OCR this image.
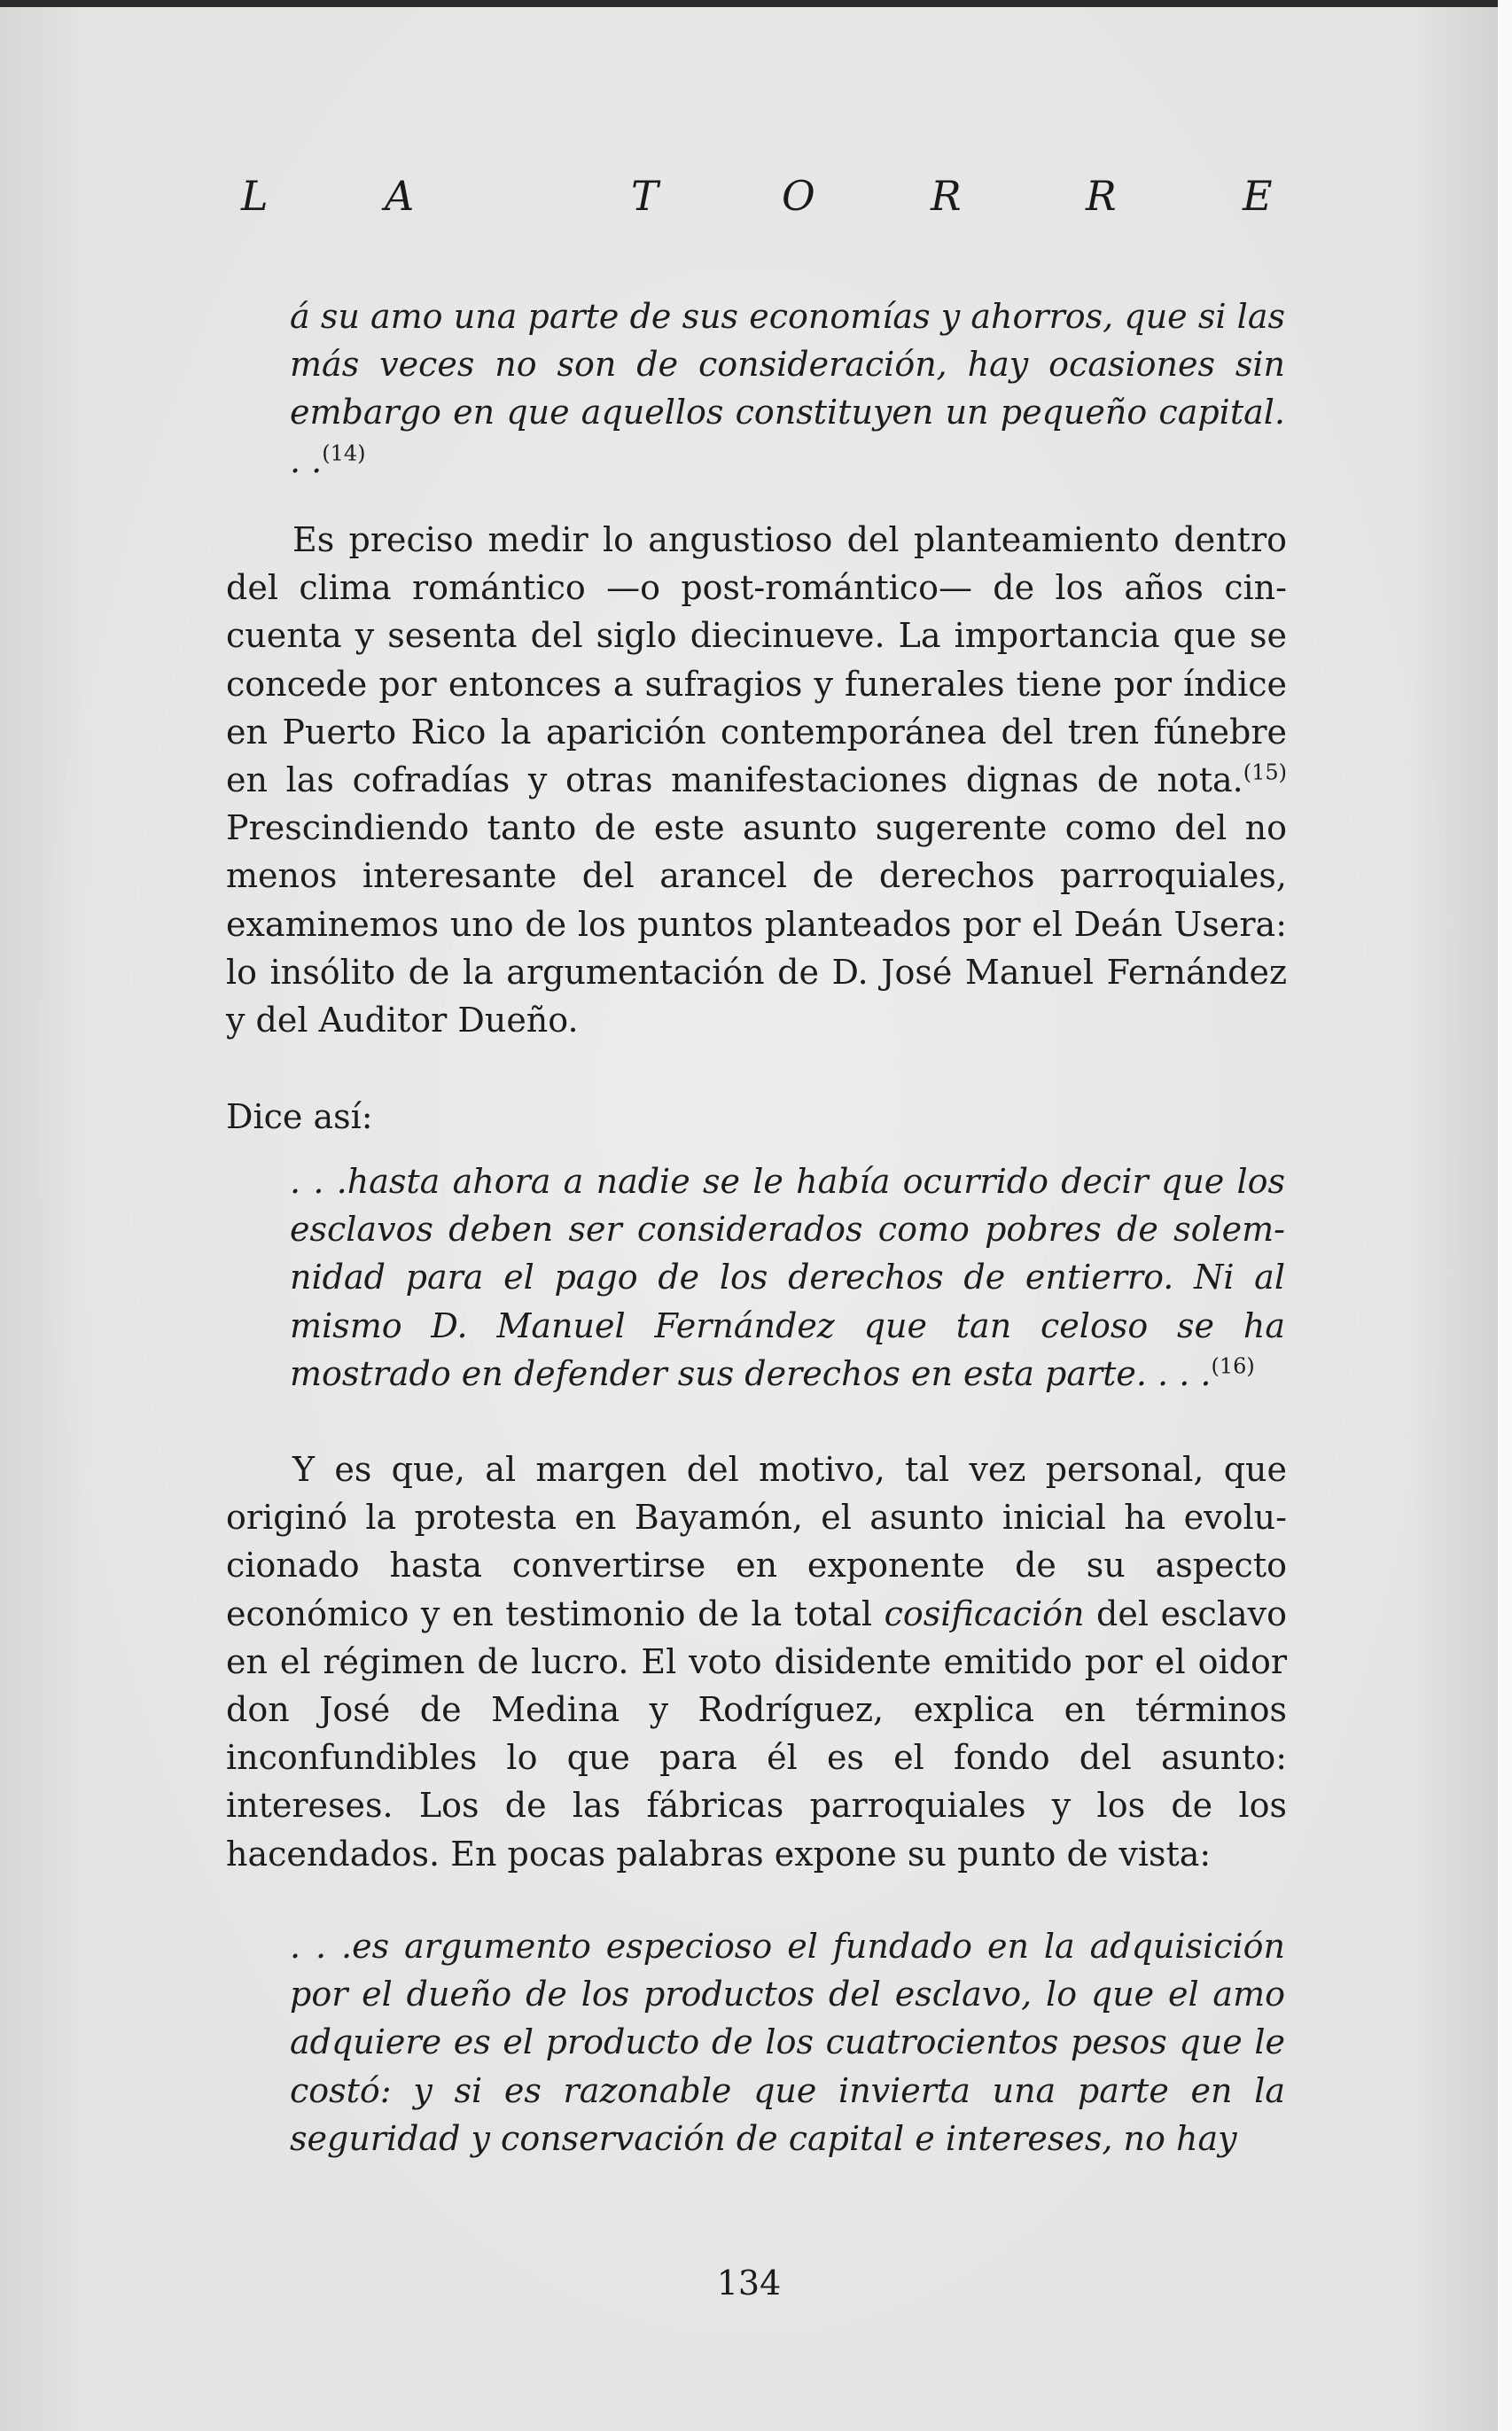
L	A	T	O	R	R	E
á su amo una parte de sus economías y ahorros, que si las más veces no son de consideración, hay ocasiones sin embargo en que aquellos constituyen un pequeño capital. . .$^{(14)}$
Es preciso medir lo angustioso del planteamiento dentro del clima romántico —o post-romántico— de los años cincuenta y sesenta del siglo diecinueve. La importancia que se concede por entonces a sufragios y funerales tiene por índice en Puerto Rico la aparición contemporánea del tren fúnebre en las cofradías y otras manifestaciones dignas de nota.$^{(15)}$ Prescindiendo tanto de este asunto sugerente como del no menos interesante del arancel de derechos parroquiales, examinemos uno de los puntos planteados por el Deán Usera: lo insólito de la argumentación de D. José Manuel Fernández y del Auditor Dueño.
Dice así:
. . .hasta ahora a nadie se le había ocurrido decir que los esclavos deben ser considerados como pobres de solemnidad para el pago de los derechos de entierro. Ni al mismo D. Manuel Fernández que tan celoso se ha mostrado en defender sus derechos en esta parte. . . .$^{(16)}$
Y es que, al margen del motivo, tal vez personal, que originó la protesta en Bayamón, el asunto inicial ha evolucionado hasta convertirse en exponente de su aspecto económico y en testimonio de la total cosificación del esclavo en el régimen de lucro. El voto disidente emitido por el oidor don José de Medina y Rodríguez, explica en términos inconfundibles lo que para él es el fondo del asunto: intereses. Los de las fábricas parroquiales y los de los hacendados. En pocas palabras expone su punto de vista:
. . .es argumento especioso el fundado en la adquisición por el dueño de los productos del esclavo, lo que el amo adquiere es el producto de los cuatrocientos pesos que le costó: y si es razonable que invierta una parte en la seguridad y conservación de capital e intereses, no hay
134
